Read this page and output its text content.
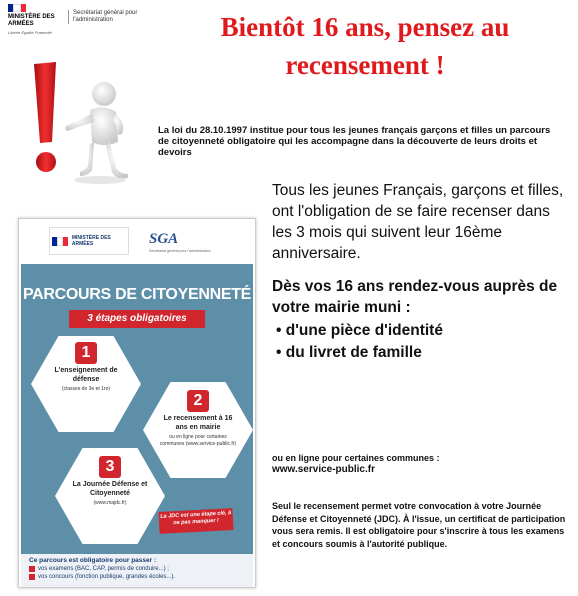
MINISTÈRE DES ARMÉES
Liberté Égalité Fraternité
Secrétariat général pour l'administration	Bientôt 16 ans, pensez au recensement !
La loi du 28.10.1997 institue pour tous les jeunes français garçons et filles un parcours de citoyenneté obligatoire qui les accompagne dans la découverte de leurs droits et devoirs
MINISTÈRE DES ARMÉES	SGA
Secrétariat général pour l'administration
PARCOURS DE CITOYENNETÉ
3 étapes obligatoires
1
L'enseignement de défense
(classes de 3e et 1re)
2
Le recensement à 16 ans en mairie
ou en ligne pour certaines communes (www.service-public.fr)
3
La Journée Défense et Citoyenneté
(www.majdc.fr)
La JDC est une étape clé, à ne pas manquer !
Ce parcours est obligatoire pour passer :
vos examens (BAC, CAP, permis de conduire...) ;
vos concours (fonction publique, grandes écoles...).
Tous les jeunes Français, garçons et filles, ont l'obligation de se faire recenser dans les 3 mois qui suivent leur 16ème anniversaire.
Dès vos 16 ans rendez-vous auprès de votre mairie muni :
• d'une pièce d'identité
• du livret de famille
ou en ligne pour certaines communes :
www.service-public.fr
Seul le recensement permet votre convocation à votre Journée Défense et Citoyenneté (JDC). À l'issue, un certificat de participation vous sera remis. Il est obligatoire pour s'inscrire à tous les examens et concours soumis à l'autorité publique.
